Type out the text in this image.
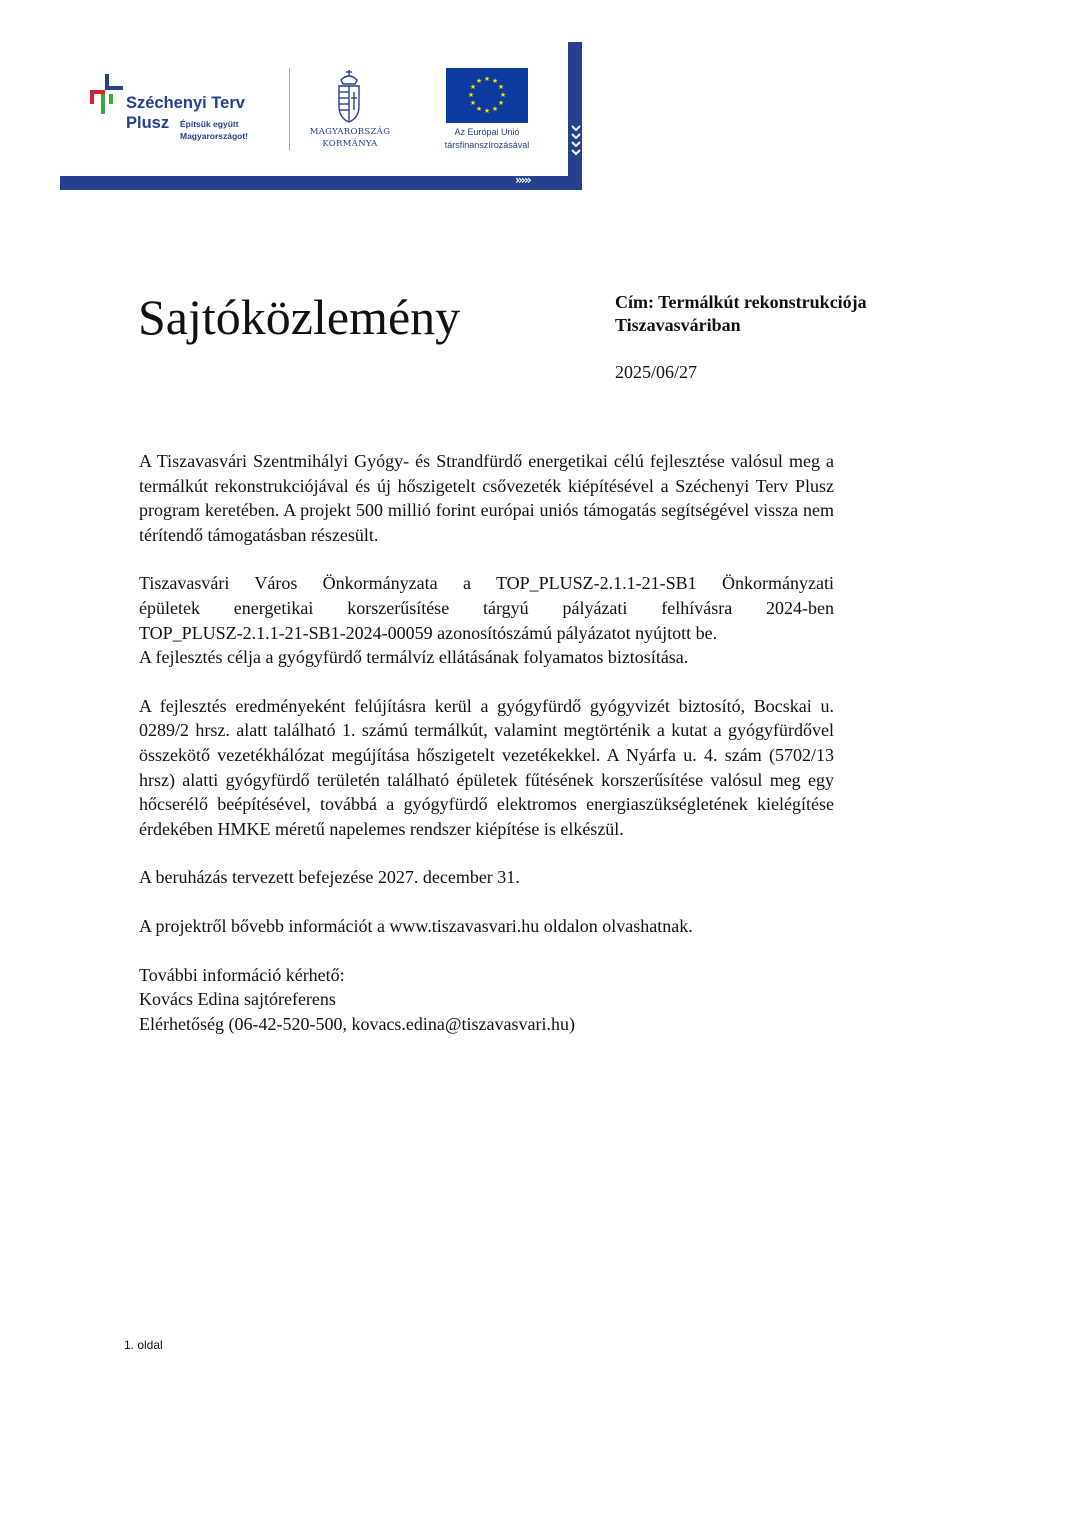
›››››
Széchenyi Terv
Plusz Építsük együtt
Magyarországot!	MAGYARORSZÁG
KORMÁNYA
★ ★
★
★
★
★
★
★
★
★
★
★
Az Európai Unió
társfinanszírozásával
Sajtóközlemény	Cím: Termálkút rekonstrukciója
Tiszavasváriban
2025/06/27

A Tiszavasvári Szentmihályi Gyógy- és Strandfürdő energetikai célú fejlesztése valósul meg a termálkút rekonstrukciójával és új hőszigetelt csővezeték kiépítésével a Széchenyi Terv Plusz program keretében. A projekt 500 millió forint európai uniós támogatás segítségével vissza nem térítendő támogatásban részesült.

Tiszavasvári Város Önkormányzata a TOP_PLUSZ-2.1.1-21-SB1 Önkormányzati
épületek energetikai korszerűsítése tárgyú pályázati felhívásra 2024-ben
TOP_PLUSZ-2.1.1-21-SB1-2024-00059 azonosítószámú pályázatot nyújtott be.
A fejlesztés célja a gyógyfürdő termálvíz ellátásának folyamatos biztosítása.

A fejlesztés eredményeként felújításra kerül a gyógyfürdő gyógyvizét biztosító, Bocskai u. 0289/2 hrsz. alatt található 1. számú termálkút, valamint megtörténik a kutat a gyógyfürdővel összekötő vezetékhálózat megújítása hőszigetelt vezetékekkel. A Nyárfa u. 4. szám (5702/13 hrsz) alatti gyógyfürdő területén található épületek fűtésének korszerűsítése valósul meg egy hőcserélő beépítésével, továbbá a gyógyfürdő elektromos energiaszükségletének kielégítése érdekében HMKE méretű napelemes rendszer kiépítése is elkészül.

A beruházás tervezett befejezése 2027. december 31.

A projektről bővebb információt a www.tiszavasvari.hu oldalon olvashatnak.

További információ kérhető:
Kovács Edina sajtóreferens
Elérhetőség (06-42-520-500, kovacs.edina@tiszavasvari.hu)

1. oldal
